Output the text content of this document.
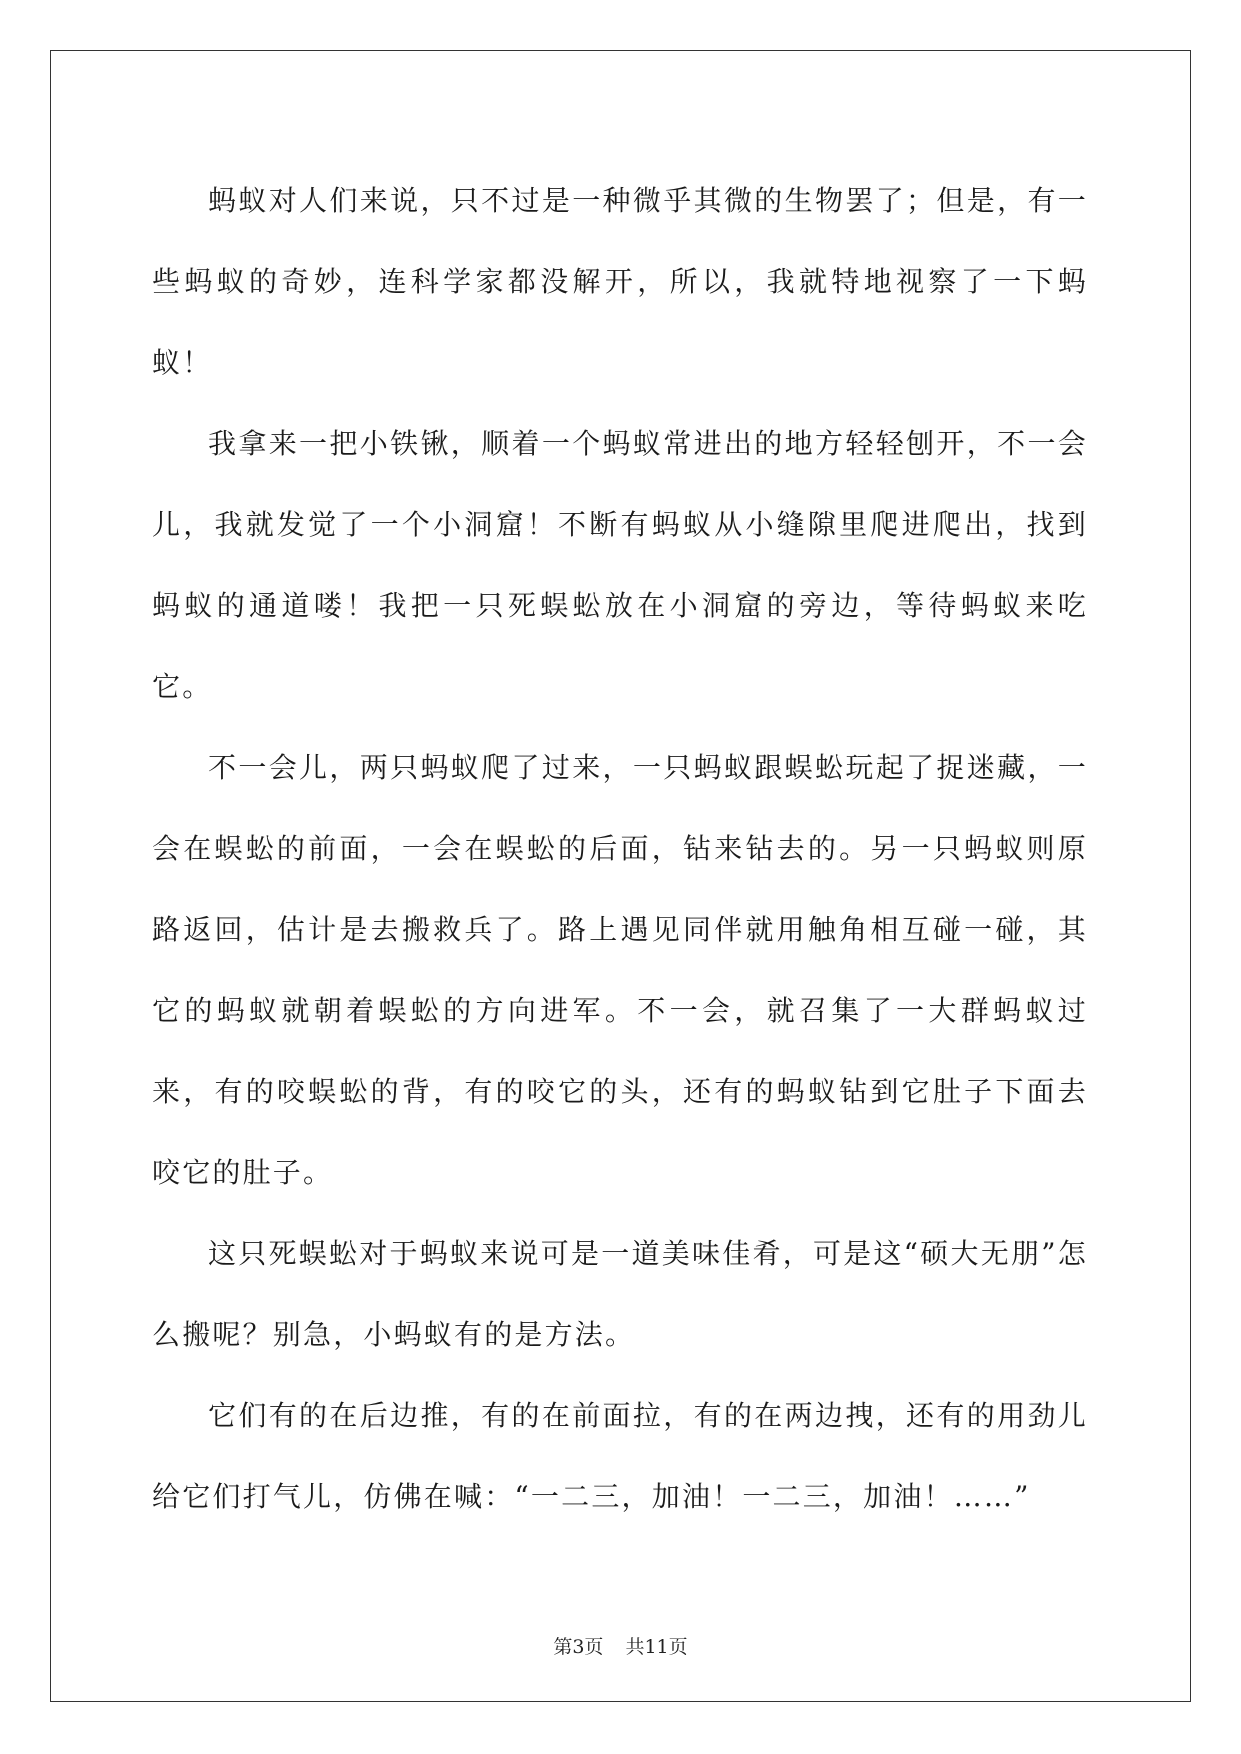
蚂蚁对人们来说，只不过是一种微乎其微的生物罢了；但是，有一些蚂蚁的奇妙，连科学家都没解开，所以，我就特地视察了一下蚂蚁！

我拿来一把小铁锹，顺着一个蚂蚁常进出的地方轻轻刨开，不一会儿，我就发觉了一个小洞窟！不断有蚂蚁从小缝隙里爬进爬出，找到蚂蚁的通道喽！我把一只死蜈蚣放在小洞窟的旁边，等待蚂蚁来吃它。

不一会儿，两只蚂蚁爬了过来，一只蚂蚁跟蜈蚣玩起了捉迷藏，一会在蜈蚣的前面，一会在蜈蚣的后面，钻来钻去的。另一只蚂蚁则原路返回，估计是去搬救兵了。路上遇见同伴就用触角相互碰一碰，其它的蚂蚁就朝着蜈蚣的方向进军。不一会，就召集了一大群蚂蚁过来，有的咬蜈蚣的背，有的咬它的头，还有的蚂蚁钻到它肚子下面去咬它的肚子。

这只死蜈蚣对于蚂蚁来说可是一道美味佳肴，可是这“硕大无朋”怎么搬呢？别急，小蚂蚁有的是方法。

它们有的在后边推，有的在前面拉，有的在两边拽，还有的用劲儿给它们打气儿，仿佛在喊：“一二三，加油！一二三，加油！……”

第3页 共11页
